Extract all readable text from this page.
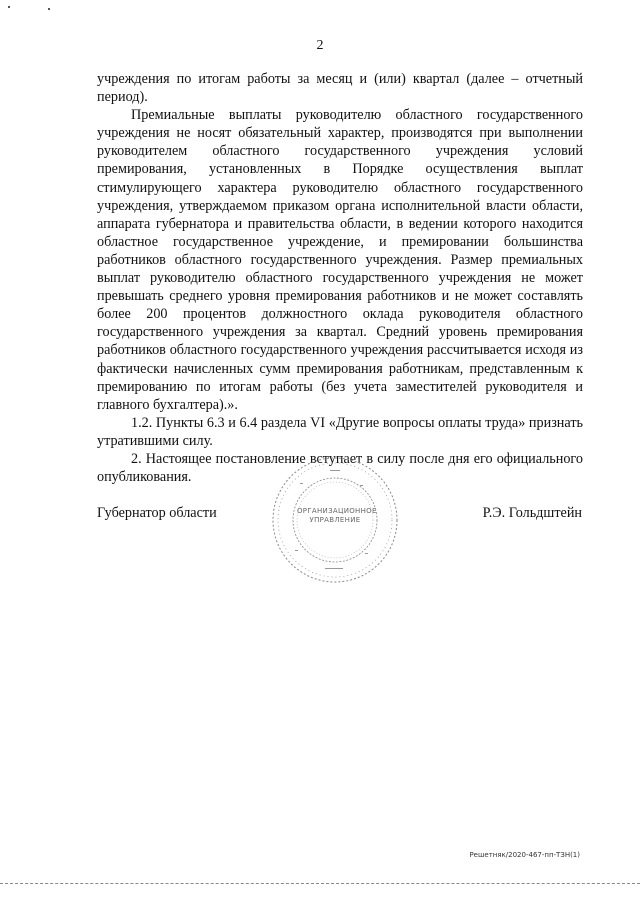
2

учреждения по итогам работы за месяц и (или) квартал (далее – отчетный период).

Премиальные выплаты руководителю областного государственного учреждения не носят обязательный характер, производятся при выполнении руководителем областного государственного учреждения условий премирования, установленных в Порядке осуществления выплат стимулирующего характера руководителю областного государственного учреждения, утверждаемом приказом органа исполнительной власти области, аппарата губернатора и правительства области, в ведении которого находится областное государственное учреждение, и премировании большинства работников областного государственного учреждения. Размер премиальных выплат руководителю областного государственного учреждения не может превышать среднего уровня премирования работников и не может составлять более 200 процентов должностного оклада руководителя областного государственного учреждения за квартал. Средний уровень премирования работников областного государственного учреждения рассчитывается исходя из фактически начисленных сумм премирования работникам, представленным к премированию по итогам работы (без учета заместителей руководителя и главного бухгалтера).».

1.2. Пункты 6.3 и 6.4 раздела VI «Другие вопросы оплаты труда» признать утратившими силу.

2. Настоящее постановление вступает в силу после дня его официального опубликования.

Губернатор области	ОРГАНИЗАЦИОННОЕ УПРАВЛЕНИЕ	Р.Э. Гольдштейн
Решетняк/2020-467-пп-ТЗН(1)
